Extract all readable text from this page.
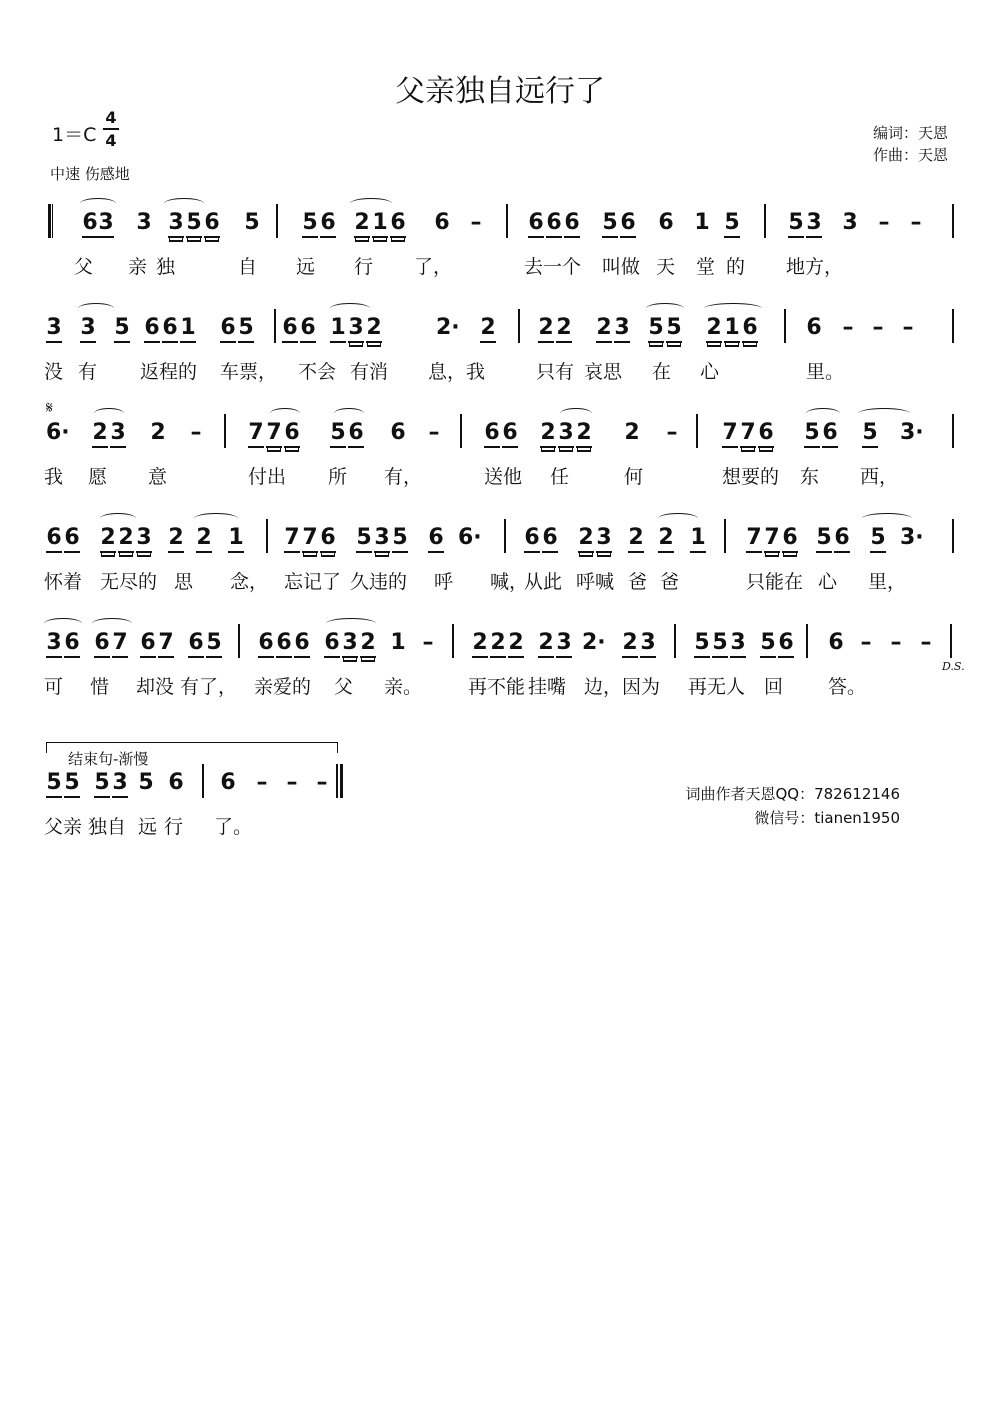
父亲独自远行了
1＝C
4
4
中速 伤感地
编词：天恩
作曲：天恩
𝄋
D.S.
结束句-渐慢
词曲作者天恩QQ：782612146
微信号：tianen1950
6 3 3 3 5 6 5 5 6 2 1 6 6 – 6 6 6 5 6 6 1 5 5 3 3 – –
父 亲 独	自 远 行 了，	去一个 叫做 天 堂 的 地方，
3 3 5 6 6 1 6 5 6 6 1 3 2 2· 2 2 2 2 3 5 5 2 1 6 6 – – –
没 有 返程的 车票， 不会 有消 息，我	只有 哀思 在 心	里。
6· 2 3 2 – 7 7 6 5 6 6 – 6 6 2 3 2 2 – 7 7 6 5 6 5 3·
我 愿 意	付出 所 有，	送他 任	何	想要的 东 西，
6 6 2 2 3 2 2 1 7 7 6 5 3 5 6 6· 6 6 2 3 2 2 1 7 7 6 5 6 5 3·
怀着 无尽的 思 念， 忘记了 久违的 呼 喊，
从此 呼喊 爸 爸	只能在 心 里，
3 6 6 7 6 7 6 5 6 6 6 6 3 2 1 – 2 2 2 2 3 2· 2 3 5 5 3 5 6 6 – – –
可 惜 却没 有了， 亲爱的 父 亲。 再不能 挂嘴 边，因为 再无人 回 答。
5 5 5 3 5 6 6 – – –
父亲 独自 远 行 了。
